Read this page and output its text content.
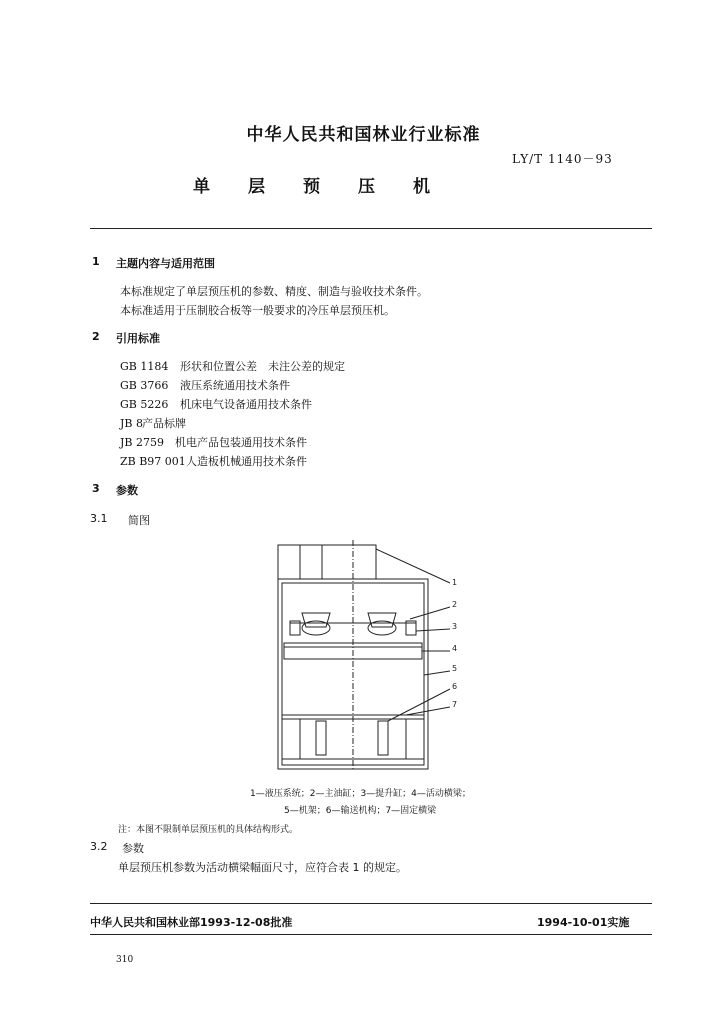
中华人民共和国林业行业标准
LY/T 1140－93
单 层 预 压 机
1 主题内容与适用范围
本标准规定了单层预压机的参数、精度、制造与验收技术条件。
本标准适用于压制胶合板等一般要求的冷压单层预压机。
2 引用标准
GB 1184 形状和位置公差　未注公差的规定
GB 3766 液压系统通用技术条件
GB 5226 机床电气设备通用技术条件
JB 8产品标牌
JB 2759 机电产品包装通用技术条件
ZB B97 001人造板机械通用技术条件
3 参数
3.1 简图
1
2
3
4
5
6
7
1—液压系统；2—主油缸；3—提升缸；4—活动横梁；
5—机架；6—输送机构；7—固定横梁
注：本图不限制单层预压机的具体结构形式。
3.2 参数
单层预压机参数为活动横梁幅面尺寸，应符合表 1 的规定。
中华人民共和国林业部1993-12-08批准	1994-10-01实施
310
